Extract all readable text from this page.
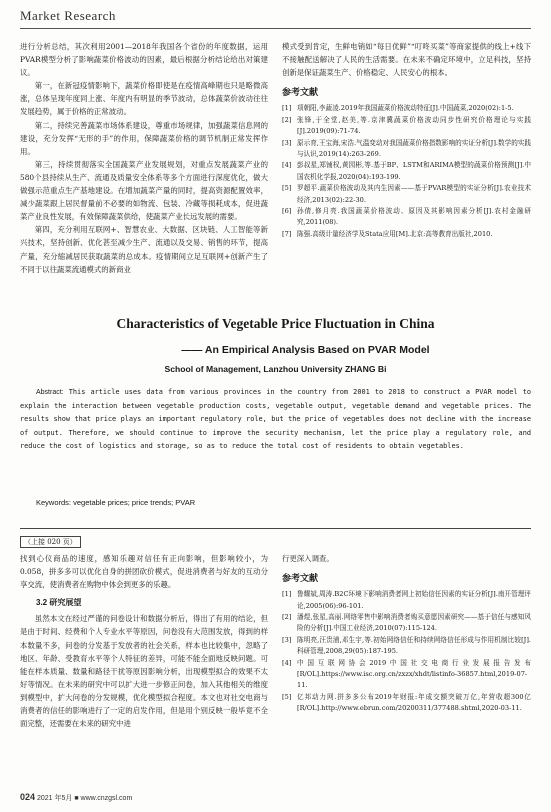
Market Research

进行分析总结，其次利用2001—2018年我国各个省份的年度数据，运用PVAR模型分析了影响蔬菜价格波动的因素，最后根据分析结论给出对策建议。

第一，在新冠疫情影响下，蔬菜价格即使是在疫情高峰期也只是略微高涨，总体呈现年度同上涨、年度内有明显的季节波动，总体蔬菜价波动往往发展趋势，属于价格的正常波动。

第二，持续完善蔬菜市场体系建设，尊重市场规律，加强蔬菜信息网的建设，充分发挥“无形的手”的作用，保障蔬菜价格的调节机制正常发挥作用。

第三，持续贯彻落实全国蔬菜产业发展规划，对重点发展蔬菜产业的580个县持续从生产、流通及质量安全体系等多个方面进行深度优化，做大做强示范重点生产基地建设。在增加蔬菜产量的同时，提高资源配置效率，减少蔬菜跟上居民督量前不必要的如物流、包装、冷藏等损耗成本，促进蔬菜产业良性发展，有效保障蔬菜供给，使蔬菜产业长远发展的需要。

第四，充分利用互联网+、智慧农业、大数据、区块链、人工智能等新兴技术，坚持创新、优化甚至减少生产、流通以及交易、销售的环节，提高产量，充分缩减居民获取蔬菜的总成本。疫情期间立足互联网+创新产生了不同于以往蔬菜流通模式的新商业

模式受到肯定，生鲜电销如“每日优鲜”“叮咚买菜”等商家提供的线上+线下不接触配送解决了人民的生活需要。在未来不确定环境中，立足科技，坚持创新是保证蔬菜生产、价格稳定、人民安心的根本。

参考文献
[1] 项朝阳,李蔬凌.2019年我国蔬菜价格波动特征[J].中国蔬菜,2020(02):1-5.
[2] 张锋,于全堂,赵美,等.京津冀蔬菜价格波动同步性研究价格理论与实践[J].2019(09):71-74.
[3] 原示育,王宝海,宋浩.气温变动对我国蔬菜价格指数影响的实证分析[J].数学的实践与认识,2019(14):263-269.
[4] 彭叔星,郑铺权,黄园彬,等.基于BP、LSTM和ARIMA模型的蔬菜价格预测[J].中国农机化学报,2020(04):193-199.
[5] 罗超平.蔬菜价格波动及其内生因素——基于PVAR模型的实证分析[J].农业技术经济,2013(02):22-30.
[6] 孙倩,修月亮.我国蔬菜价格波动、原因及其影响因素分析[J].农村金融研究,2011(08).
[7] 陈强.高级计量经济学及Stata应用[M].北京:高等教育出版社,2010.
Characteristics of Vegetable Price Fluctuation in China
—— An Empirical Analysis Based on PVAR Model
School of Management, Lanzhou University ZHANG Bi
Abstract: This article uses data from various provinces in the country from 2001 to 2018 to construct a PVAR model to explain the interaction between vegetable production costs, vegetable output, vegetable demand and vegetable prices. The results show that price plays an important regulatory role, but the price of vegetables does not decline with the increase of output. Therefore, we should continue to improve the security mechanism, let the price play a regulatory role, and reduce the cost of logistics and storage, so as to reduce the total cost of residents to obtain vegetables.
Keywords: vegetable prices; price trends; PVAR
（上接 020 页）

找到心仪商品的速度，感知乐趣对信任有正向影响，但影响较小，为0.058，拼多多可以优化自身的拼团砍价模式，促进消费者与好友的互动分享交流，使消费者在购物中体会到更多的乐趣。

3.2 研究展望

虽然本文在经过严谨的问卷设计和数据分析后，得出了有用的结论，但是由于时间、经费和个人专业水平等原因，问卷没有大范围发放，得到的样本数量不多，问卷的分发基于发放者的社会关系，样本也比较集中，忽略了地区、年龄、受教育水平等个人特征的差异，可能不能全面地反映问题。可能在样本质量、数量和路径干扰等原因影响分析，出现模型拟合的效果不太好等情况。在未来的研究中可以扩大进一步修正问卷，加入其他相关的维度到模型中，扩大问卷的分发规模，优化模型拟合程度。本文也对社交电商与消费者的信任的影响进行了一定的启发作用，但是用个别反映一般毕竟不全面完整，还需要在未来的研究中进

行更深入调查。

参考文献
[1] 鲁耀斌,周涛.B2C环境下影响消费者网上初始信任因素的实证分析[J].南开管理评论,2005(06):96-101.
[2] 潘煜,张星,高丽.网络零售中影响消费者购买意愿因素研究——基于信任与感知风险的分析[J].中国工业经济,2010(07):115-124.
[3] 陈明亮,汪贵浦,邓生宇,等.初始网络信任和持续网络信任形成与作用机制比较[J].科研管理,2008,29(05):187-195.
[4] 中国互联网协会2019中国社交电商行业发展报告发布[R/OL].https://www.isc.org.cn/zxzx/xhdt/listinfo-36857.html,2019-07-11.
[5] 亿邦动力网.拼多多公布2019年财报:年成交额突破万亿,年营收超300亿[R/OL].http://www.ebrun.com/20200311/377488.shtml,2020-03-11.
024 2021 年5月 ■ www.cnzgsl.com
